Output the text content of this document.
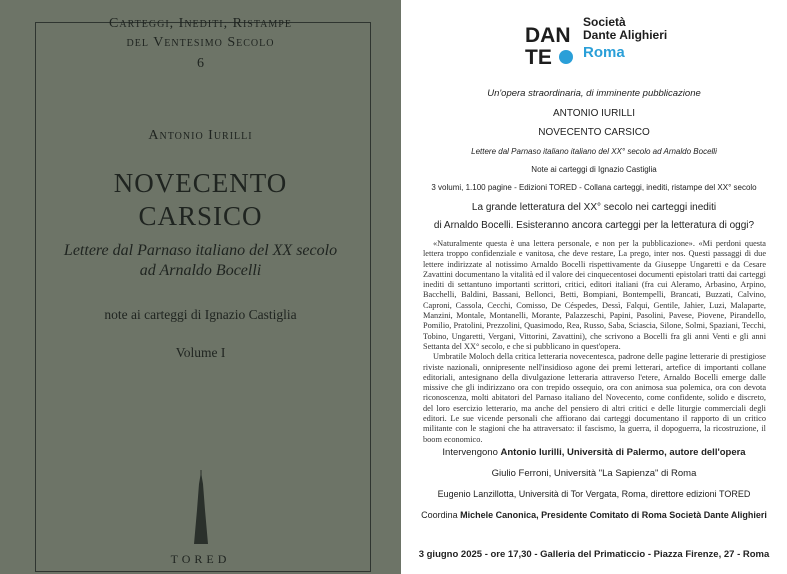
Carteggi, Inediti, Ristampe
del Ventesimo Secolo
6
Antonio Iurilli
NOVECENTO
CARSICO
Lettere dal Parnaso italiano del XX secolo
ad Arnaldo Bocelli
note ai carteggi di Ignazio Castiglia
Volume I
TORED
DAN
TE
Società
Dante Alighieri
Roma
Un'opera straordinaria, di imminente pubblicazione
ANTONIO IURILLI
NOVECENTO CARSICO
Lettere dal Parnaso italiano italiano del XX° secolo ad Arnaldo Bocelli
Note ai carteggi di Ignazio Castiglia
3 volumi, 1.100 pagine - Edizioni TORED - Collana carteggi, inediti, ristampe del XX° secolo
La grande letteratura del XX° secolo nei carteggi inediti
di Arnaldo Bocelli. Esisteranno ancora carteggi per la letteratura di oggi?

«Naturalmente questa è una lettera personale, e non per la pubblicazione». «Mi perdoni questa lettera troppo confidenziale e vanitosa, che deve restare, La prego, inter nos. Questi passaggi di due lettere indirizzate al notissimo Arnaldo Bocelli rispettivamente da Giuseppe Ungaretti e da Cesare Zavattini documentano la vitalità ed il valore dei cinquecentosei documenti epistolari tratti dai carteggi inediti di settantuno importanti scrittori, critici, editori italiani (fra cui Aleramo, Arbasino, Arpino, Bacchelli, Baldini, Bassani, Bellonci, Betti, Bompiani, Bontempelli, Brancati, Buzzati, Calvino, Caproni, Cassola, Cecchi, Comisso, De Céspedes, Dessì, Falqui, Gentile, Jahier, Luzi, Malaparte, Manzini, Montale, Montanelli, Morante, Palazzeschi, Papini, Pasolini, Pavese, Piovene, Pirandello, Pomilio, Pratolini, Prezzolini, Quasimodo, Rea, Russo, Saba, Sciascia, Silone, Solmi, Spaziani, Tecchi, Tobino, Ungaretti, Vergani, Vittorini, Zavattini), che scrivono a Bocelli fra gli anni Venti e gli anni Settanta del XX° secolo, e che si pubblicano in quest'opera.

Umbratile Moloch della critica letteraria novecentesca, padrone delle pagine letterarie di prestigiose riviste nazionali, onnipresente nell'insidioso agone dei premi letterari, artefice di importanti collane editoriali, antesignano della divulgazione letteraria attraverso l'etere, Arnaldo Bocelli emerge dalle missive che gli indirizzano ora con trepido ossequio, ora con animosa sua polemica, ora con devota riconoscenza, molti abitatori del Parnaso italiano del Novecento, come confidente, solido e discreto, del loro esercizio letterario, ma anche del pensiero di altri critici e delle liturgie commerciali degli editori. Le sue vicende personali che affiorano dai carteggi documentano il rapporto di un critico militante con le stagioni che ha attraversato: il fascismo, la guerra, il dopoguerra, la ricostruzione, il boom economico.

Intervengono Antonio Iurilli, Università di Palermo, autore dell'opera
Giulio Ferroni, Università "La Sapienza" di Roma
Eugenio Lanzillotta, Università di Tor Vergata, Roma, direttore edizioni TORED
Coordina Michele Canonica, Presidente Comitato di Roma Società Dante Alighieri
3 giugno 2025 - ore 17,30 - Galleria del Primaticcio - Piazza Firenze, 27 - Roma
